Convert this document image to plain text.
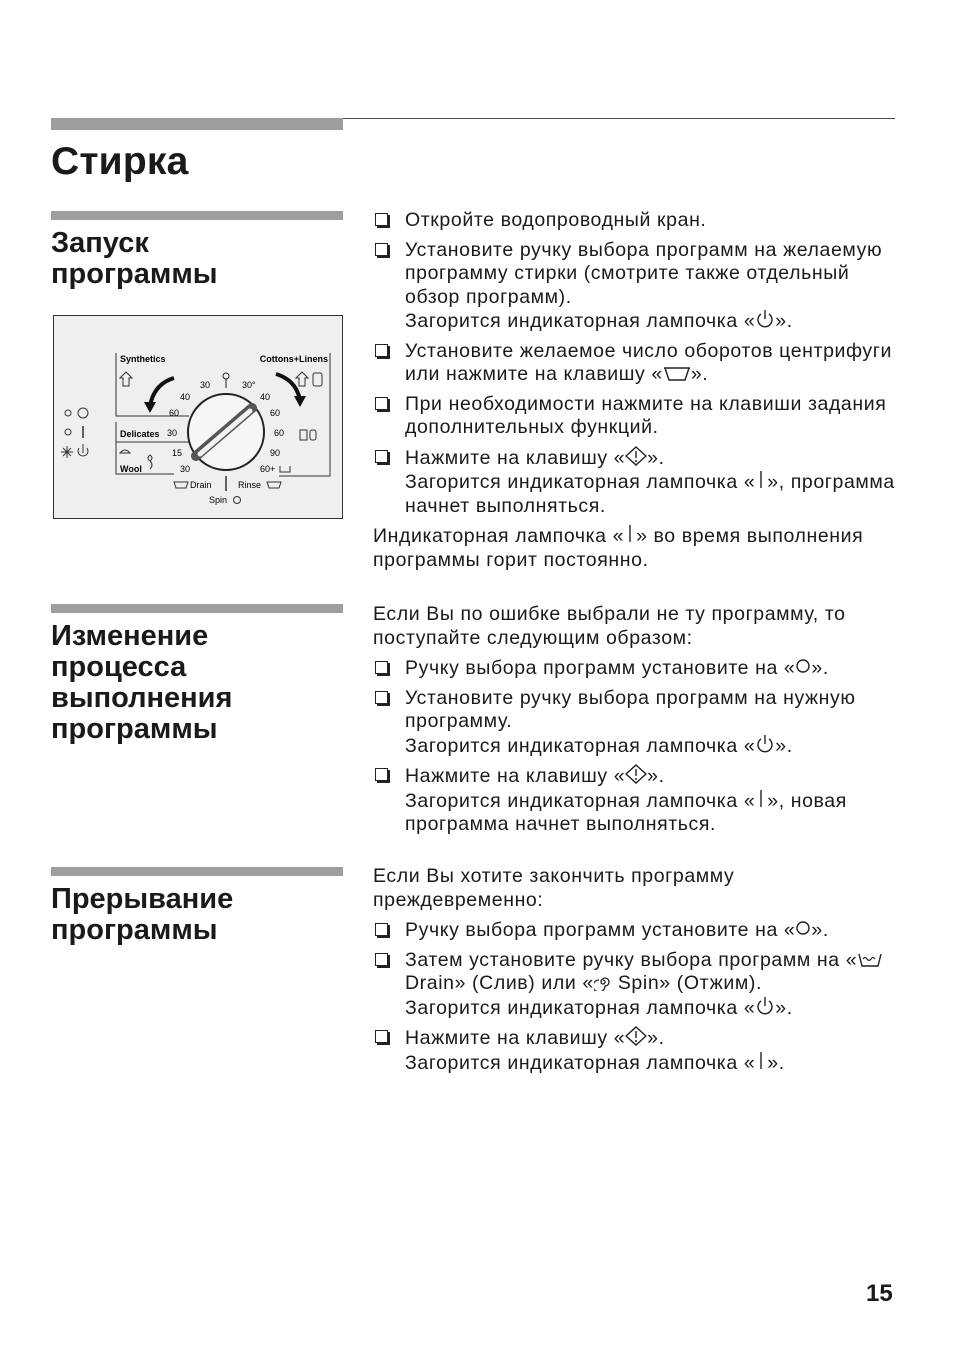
Стирка
Запуск
программы
Synthetics	Cottons+Linens
Delicates
Wool
30
40
60
30
15
30
30°
40
60
60
90
60+
Drain	Rinse
Spin
Откройте водопроводный кран.
Установите ручку выбора программ на желаемую программу стирки (смотрите также отдельный обзор программ).
Загорится индикаторная лампочка « ».
Установите желаемое число оборотов центрифуги или нажмите на клавишу « ».
При необходимости нажмите на клавиши задания дополнительных функций.
Нажмите на клавишу « ».
Загорится индикаторная лампочка « », программа начнет выполняться.

Индикаторная лампочка « » во время выполнения программы горит постоянно.

Изменение
процесса
выполнения
программы

Если Вы по ошибке выбрали не ту программу, то поступайте следующим образом:

Ручку выбора программ установите на « ».
Установите ручку выбора программ на нужную программу.
Загорится индикаторная лампочка « ».
Нажмите на клавишу « ».
Загорится индикаторная лампочка « », новая программа начнет выполняться.
Прерывание
программы

Если Вы хотите закончить программу преждевременно:

Ручку выбора программ установите на « ».
Затем установите ручку выбора программ на « Drain» (Слив) или « Spin» (Отжим).
Загорится индикаторная лампочка « ».
Нажмите на клавишу « ».
Загорится индикаторная лампочка « ».
15
